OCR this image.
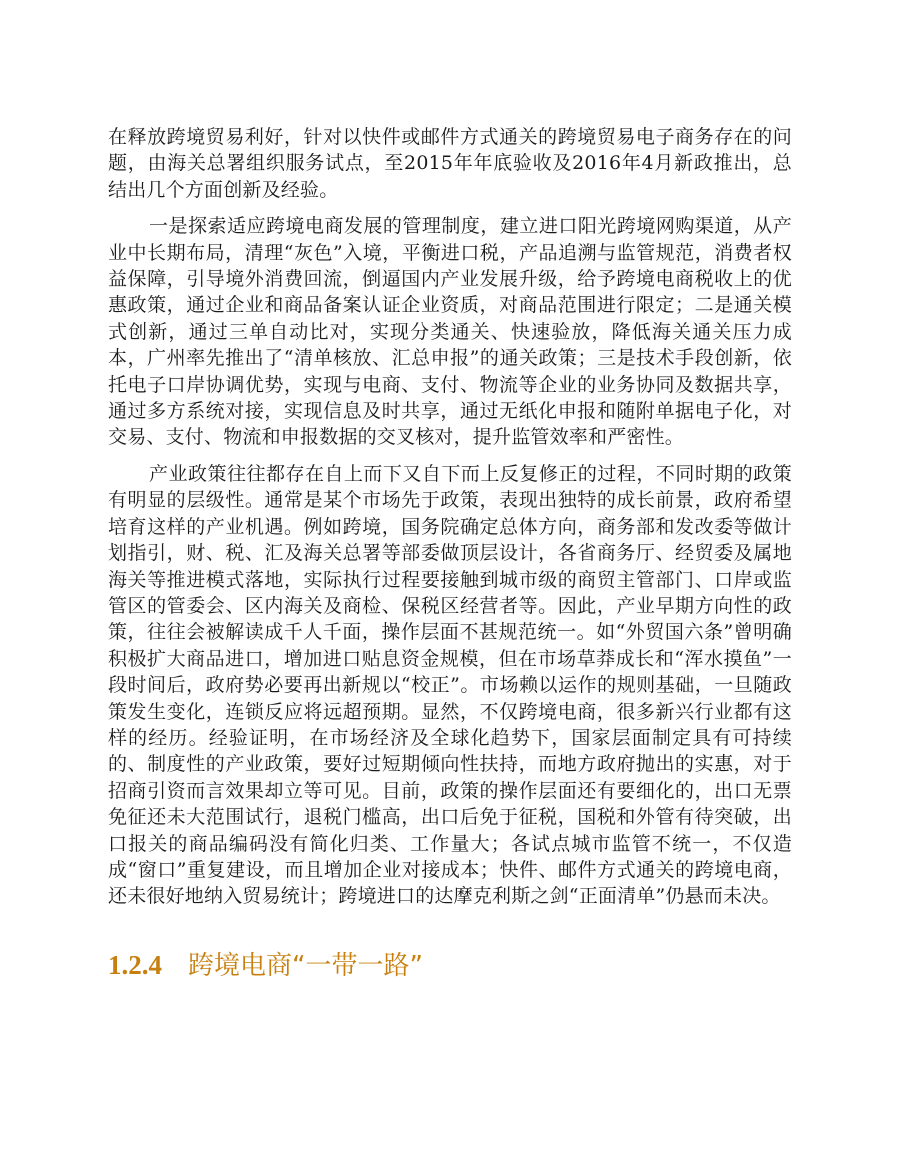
在释放跨境贸易利好，针对以快件或邮件方式通关的跨境贸易电子商务存在的问题，由海关总署组织服务试点，至2015年年底验收及2016年4月新政推出，总结出几个方面创新及经验。

一是探索适应跨境电商发展的管理制度，建立进口阳光跨境网购渠道，从产业中长期布局，清理“灰色”入境，平衡进口税，产品追溯与监管规范，消费者权益保障，引导境外消费回流，倒逼国内产业发展升级，给予跨境电商税收上的优惠政策，通过企业和商品备案认证企业资质，对商品范围进行限定；二是通关模式创新，通过三单自动比对，实现分类通关、快速验放，降低海关通关压力成本，广州率先推出了“清单核放、汇总申报”的通关政策；三是技术手段创新，依托电子口岸协调优势，实现与电商、支付、物流等企业的业务协同及数据共享，通过多方系统对接，实现信息及时共享，通过无纸化申报和随附单据电子化，对交易、支付、物流和申报数据的交叉核对，提升监管效率和严密性。

产业政策往往都存在自上而下又自下而上反复修正的过程，不同时期的政策有明显的层级性。通常是某个市场先于政策，表现出独特的成长前景，政府希望培育这样的产业机遇。例如跨境，国务院确定总体方向，商务部和发改委等做计划指引，财、税、汇及海关总署等部委做顶层设计，各省商务厅、经贸委及属地海关等推进模式落地，实际执行过程要接触到城市级的商贸主管部门、口岸或监管区的管委会、区内海关及商检、保税区经营者等。因此，产业早期方向性的政策，往往会被解读成千人千面，操作层面不甚规范统一。如“外贸国六条”曾明确积极扩大商品进口，增加进口贴息资金规模，但在市场草莽成长和“浑水摸鱼”一段时间后，政府势必要再出新规以“校正”。市场赖以运作的规则基础，一旦随政策发生变化，连锁反应将远超预期。显然，不仅跨境电商，很多新兴行业都有这样的经历。经验证明，在市场经济及全球化趋势下，国家层面制定具有可持续的、制度性的产业政策，要好过短期倾向性扶持，而地方政府抛出的实惠，对于招商引资而言效果却立等可见。目前，政策的操作层面还有要细化的，出口无票免征还未大范围试行，退税门槛高，出口后免于征税，国税和外管有待突破，出口报关的商品编码没有简化归类、工作量大；各试点城市监管不统一，不仅造成“窗口”重复建设，而且增加企业对接成本；快件、邮件方式通关的跨境电商，还未很好地纳入贸易统计；跨境进口的达摩克利斯之剑“正面清单”仍悬而未决。

1.2.4 跨境电商“一带一路”
